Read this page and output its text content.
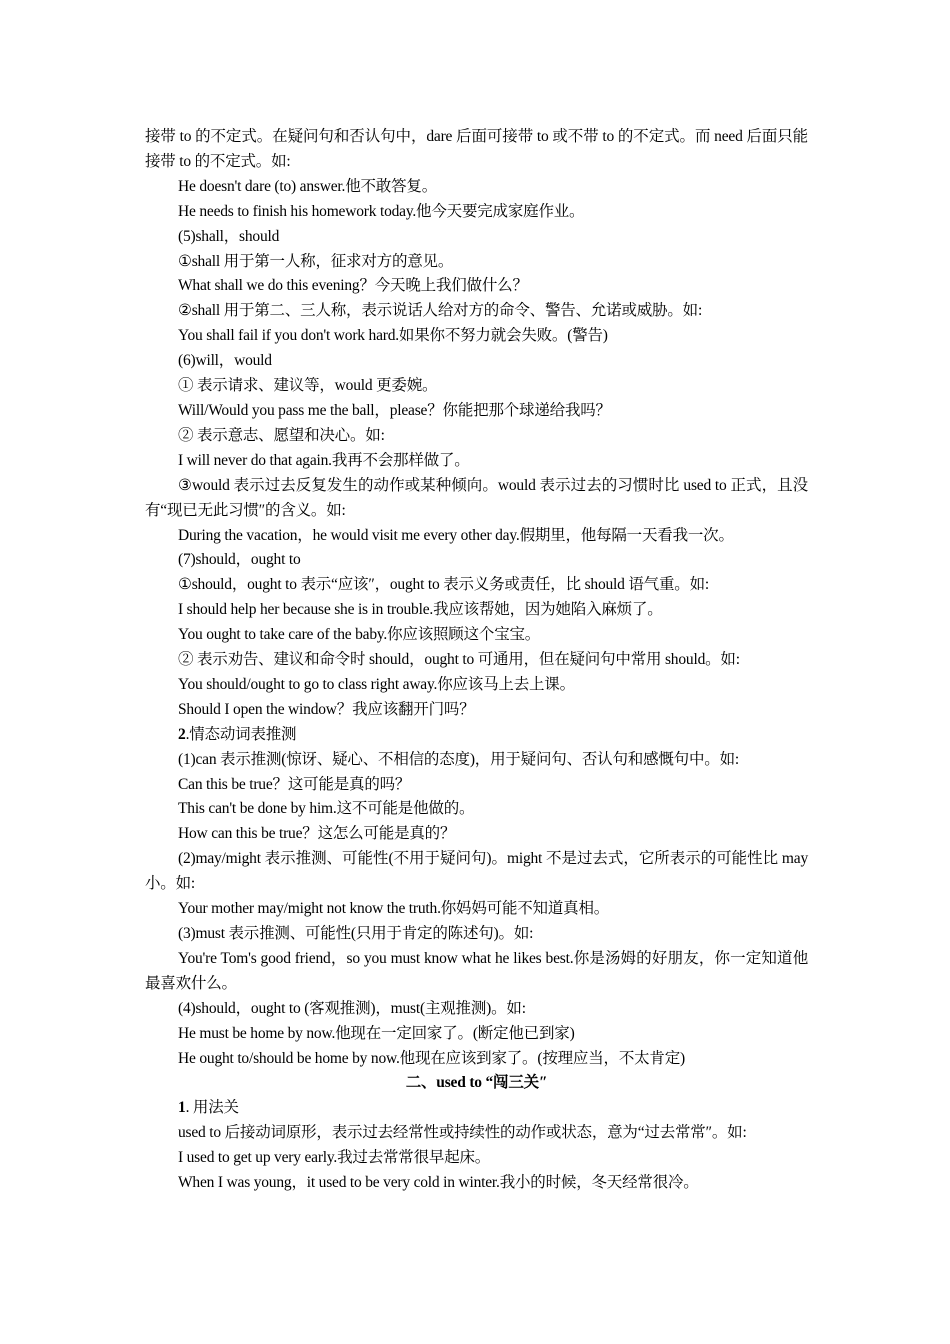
接带 to 的不定式。在疑问句和否认句中，dare 后面可接带 to 或不带 to 的不定式。而 need 后面只能接带 to 的不定式。如:
He doesn't dare (to) answer.他不敢答复。
He needs to finish his homework today.他今天要完成家庭作业。
(5)shall，should
①shall 用于第一人称，征求对方的意见。
What shall we do this evening？今天晚上我们做什么？
②shall 用于第二、三人称，表示说话人给对方的命令、警告、允诺或威胁。如:
You shall fail if you don't work hard.如果你不努力就会失败。(警告)
(6)will，would
① 表示请求、建议等，would 更委婉。
Will/Would you pass me the ball，please？你能把那个球递给我吗？
② 表示意志、愿望和决心。如:
I will never do that again.我再不会那样做了。
③would 表示过去反复发生的动作或某种倾向。would 表示过去的习惯时比 used to 正式，且没有“现已无此习惯″的含义。如:
During the vacation，he would visit me every other day.假期里，他每隔一天看我一次。
(7)should，ought to
①should，ought to 表示“应该″，ought to 表示义务或责任，比 should 语气重。如:
I should help her because she is in trouble.我应该帮她，因为她陷入麻烦了。
You ought to take care of the baby.你应该照顾这个宝宝。
② 表示劝告、建议和命令时 should，ought to 可通用，但在疑问句中常用 should。如:
You should/ought to go to class right away.你应该马上去上课。
Should I open the window？我应该翻开门吗？
2.情态动词表推测
(1)can 表示推测(惊讶、疑心、不相信的态度)，用于疑问句、否认句和感慨句中。如:
Can this be true？这可能是真的吗？
This can't be done by him.这不可能是他做的。
How can this be true？这怎么可能是真的？
(2)may/might 表示推测、可能性(不用于疑问句)。might 不是过去式，它所表示的可能性比 may 小。如:
Your mother may/might not know the truth.你妈妈可能不知道真相。
(3)must 表示推测、可能性(只用于肯定的陈述句)。如:
You're Tom's good friend，so you must know what he likes best.你是汤姆的好朋友，你一定知道他最喜欢什么。
(4)should，ought to (客观推测)，must(主观推测)。如:
He must be home by now.他现在一定回家了。(断定他已到家)
He ought to/should be home by now.他现在应该到家了。(按理应当，不太肯定)
二、used to “闯三关″
1. 用法关
used to 后接动词原形，表示过去经常性或持续性的动作或状态，意为“过去常常″。如:
I used to get up very early.我过去常常很早起床。
When I was young，it used to be very cold in winter.我小的时候，冬天经常很冷。
